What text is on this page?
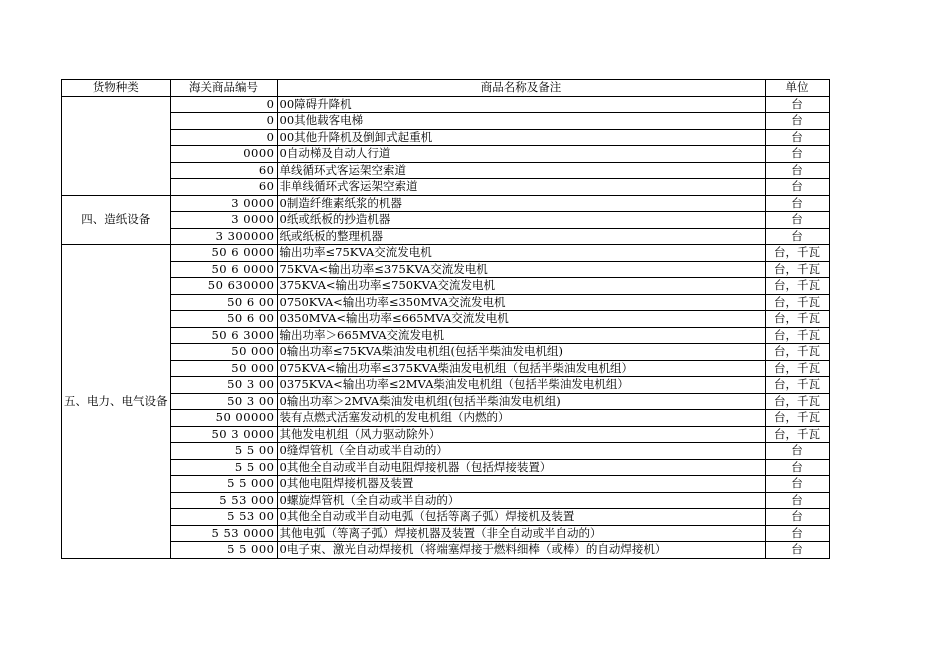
货物种类	海关商品编号	商品名称及备注	单位
	0	00障碍升降机	台
	0	00其他载客电梯	台
	0	00其他升降机及倒卸式起重机	台
	0000	0自动梯及自动人行道	台
	60	单线循环式客运架空索道	台
	60	非单线循环式客运架空索道	台
四、造纸设备	3 0000	0制造纤维素纸浆的机器	台
	3 0000	0纸或纸板的抄造机器	台
	3 300000	纸或纸板的整理机器	台
五、电力、电气设备	50 6 0000	输出功率≤75KVA交流发电机	台，千瓦
	50 6 0000	75KVA<输出功率≤375KVA交流发电机	台，千瓦
	50 630000	375KVA<输出功率≤750KVA交流发电机	台，千瓦
	50 6 00	0750KVA<输出功率≤350MVA交流发电机	台，千瓦
	50 6 00	0350MVA<输出功率≤665MVA交流发电机	台，千瓦
	50 6 3000	输出功率＞665MVA交流发电机	台，千瓦
	50 000	0输出功率≤75KVA柴油发电机组(包括半柴油发电机组)	台，千瓦
	50 000	075KVA<输出功率≤375KVA柴油发电机组（包括半柴油发电机组）	台，千瓦
	50 3 00	0375KVA<输出功率≤2MVA柴油发电机组（包括半柴油发电机组）	台，千瓦
	50 3 00	0输出功率＞2MVA柴油发电机组(包括半柴油发电机组)	台，千瓦
	50 00000	装有点燃式活塞发动机的发电机组（内燃的）	台，千瓦
	50 3 0000	其他发电机组（风力驱动除外）	台，千瓦
	5 5 00	0缝焊管机（全自动或半自动的）	台
	5 5 00	0其他全自动或半自动电阻焊接机器（包括焊接装置）	台
	5 5 000	0其他电阻焊接机器及装置	台
	5 53 000	0螺旋焊管机（全自动或半自动的）	台
	5 53 00	0其他全自动或半自动电弧（包括等离子弧）焊接机及装置	台
	5 53 0000	其他电弧（等离子弧）焊接机器及装置（非全自动或半自动的）	台
	5 5 000	0电子束、激光自动焊接机（将端塞焊接于燃料细棒（或棒）的自动焊接机）	台
